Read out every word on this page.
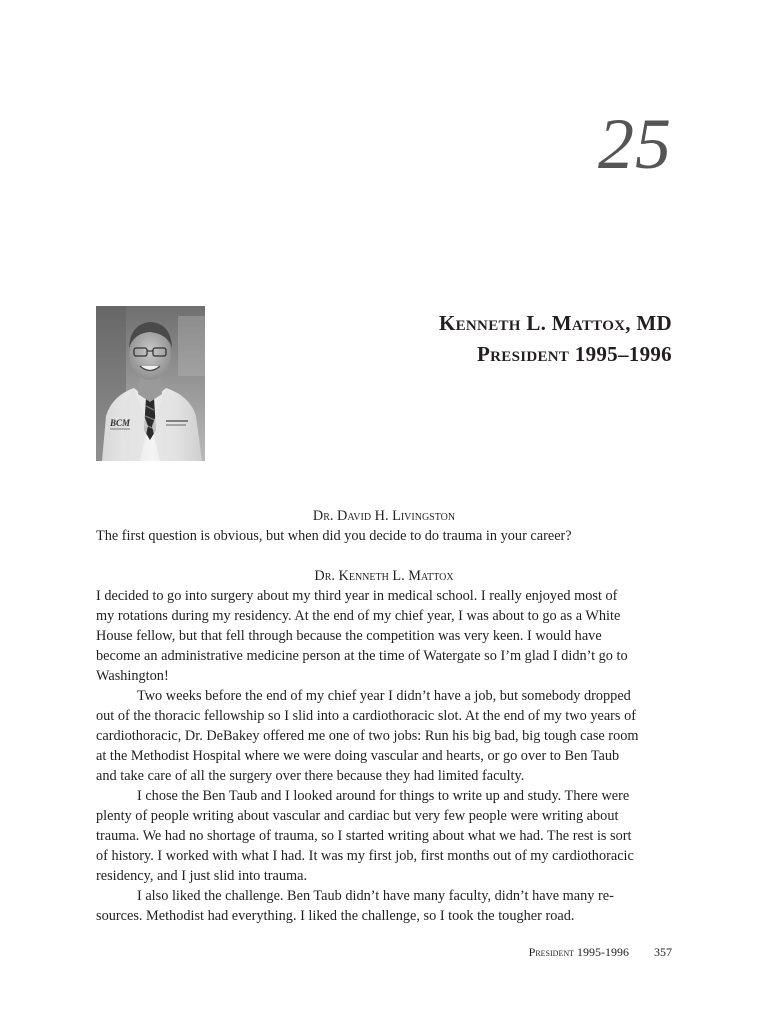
25
BCM
Kenneth L. Mattox, MD
President 1995–1996
Dr. David H. Livingston

The first question is obvious, but when did you decide to do trauma in your career?

Dr. Kenneth L. Mattox

I decided to go into surgery about my third year in medical school. I really enjoyed most of
my rotations during my residency. At the end of my chief year, I was about to go as a White
House fellow, but that fell through because the competition was very keen. I would have
become an administrative medicine person at the time of Watergate so I’m glad I didn’t go to
Washington!

Two weeks before the end of my chief year I didn’t have a job, but somebody dropped
out of the thoracic fellowship so I slid into a cardiothoracic slot. At the end of my two years of
cardiothoracic, Dr. DeBakey offered me one of two jobs: Run his big bad, big tough case room
at the Methodist Hospital where we were doing vascular and hearts, or go over to Ben Taub
and take care of all the surgery over there because they had limited faculty.

I chose the Ben Taub and I looked around for things to write up and study. There were
plenty of people writing about vascular and cardiac but very few people were writing about
trauma. We had no shortage of trauma, so I started writing about what we had. The rest is sort
of history. I worked with what I had. It was my first job, first months out of my cardiothoracic
residency, and I just slid into trauma.

I also liked the challenge. Ben Taub didn’t have many faculty, didn’t have many re-
sources. Methodist had everything. I liked the challenge, so I took the tougher road.

President 1995-1996 357
